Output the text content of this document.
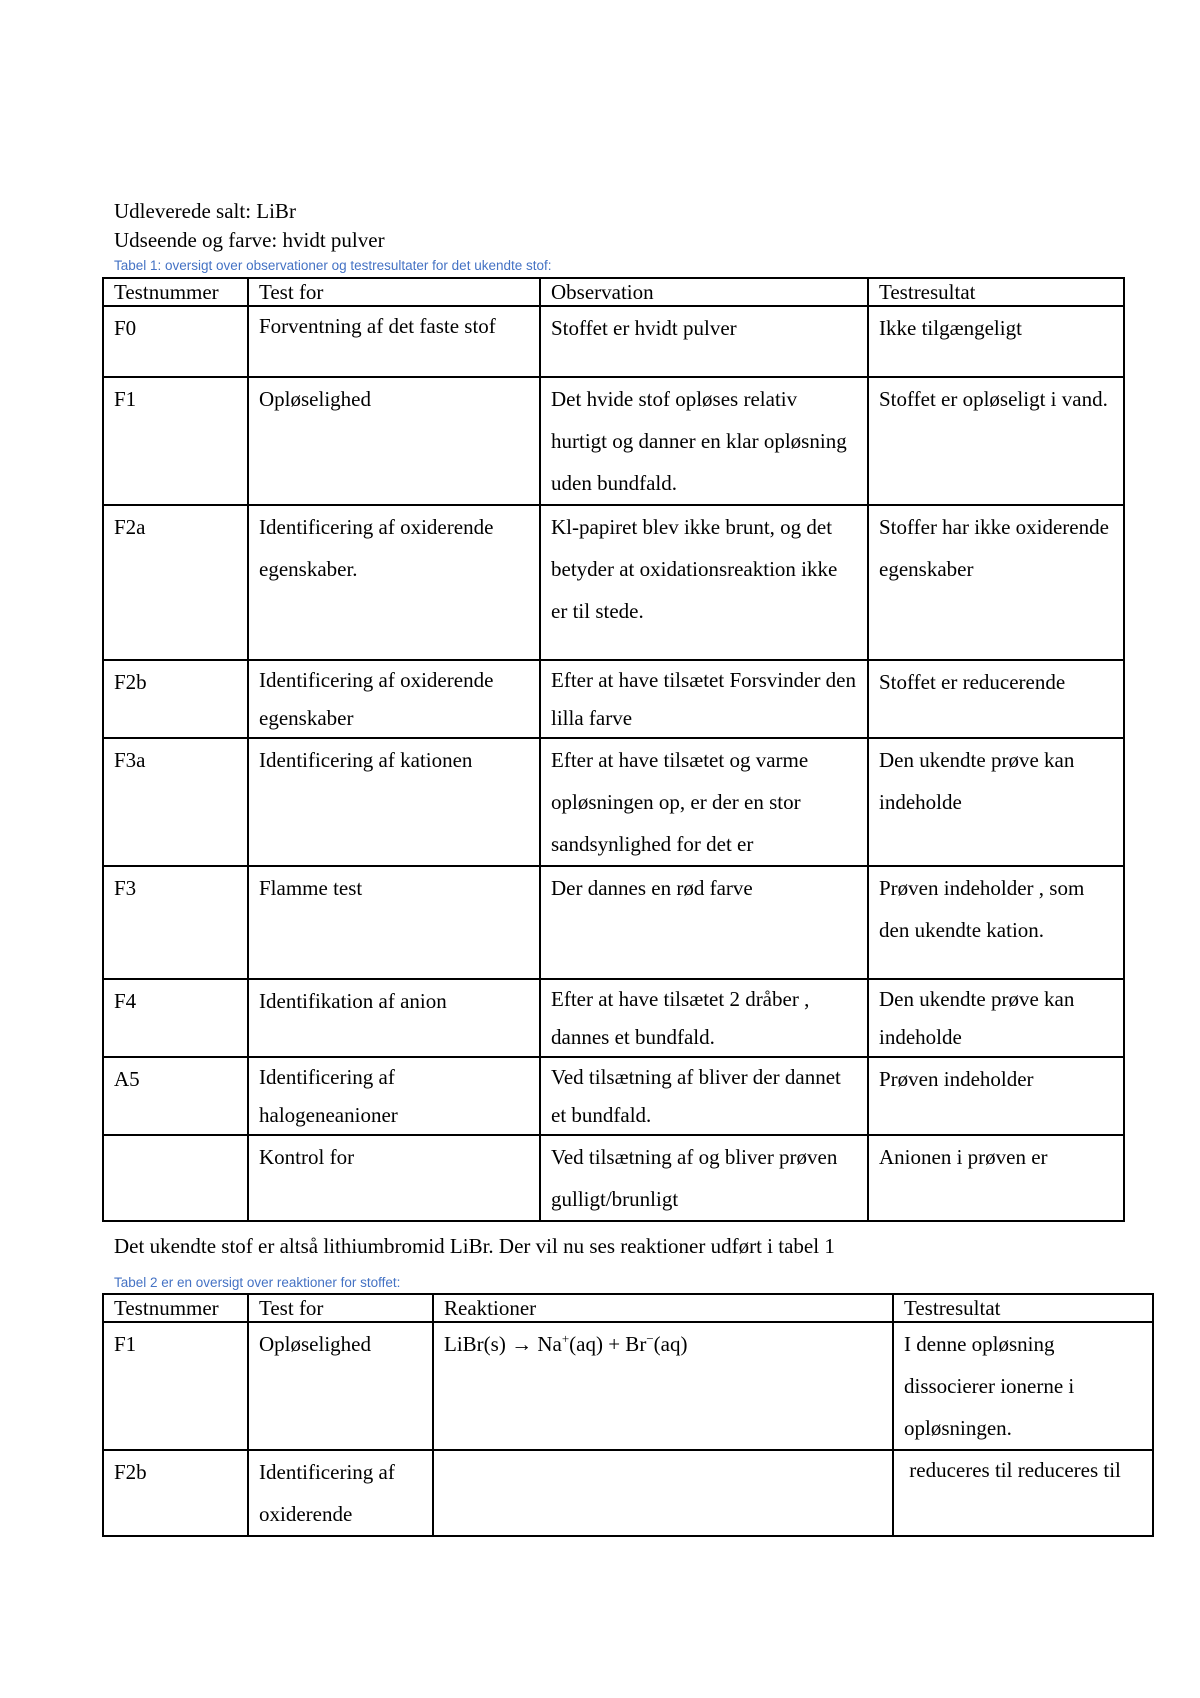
Udleverede salt: LiBr
Udseende og farve: hvidt pulver
Tabel 1: oversigt over observationer og testresultater for det ukendte stof:
Testnummer	Test for	Observation	Testresultat
F0	Forventning af det faste stof	Stoffet er hvidt pulver	Ikke tilgængeligt
F1	Opløselighed	Det hvide stof opløses relativ hurtigt og danner en klar opløsning uden bundfald.	Stoffet er opløseligt i vand.
F2a	Identificering af oxiderende egenskaber.	Kl-papiret blev ikke brunt, og det betyder at oxidationsreaktion ikke er til stede.	Stoffer har ikke oxiderende egenskaber
F2b	Identificering af oxiderende egenskaber	Efter at have tilsætet Forsvinder den lilla farve	Stoffet er reducerende
F3a	Identificering af kationen	Efter at have tilsætet og varme opløsningen op, er der en stor sandsynlighed for det er	Den ukendte prøve kan indeholde
F3	Flamme test	Der dannes en rød farve	Prøven indeholder , som den ukendte kation.
F4	Identifikation af anion	Efter at have tilsætet 2 dråber , dannes et bundfald.	Den ukendte prøve kan indeholde

A5	Identificering af halogeneanioner	Ved tilsætning af bliver der dannet et bundfald.	Prøven indeholder
	Kontrol for	Ved tilsætning af og bliver prøven gulligt/brunligt	Anionen i prøven er
Det ukendte stof er altså lithiumbromid LiBr. Der vil nu ses reaktioner udført i tabel 1
Tabel 2 er en oversigt over reaktioner for stoffet:
Testnummer	Test for	Reaktioner	Testresultat
F1	Opløselighed	LiBr(s) → Na+(aq) + Br−(aq)	I denne opløsning dissocierer ionerne i opløsningen.
F2b	Identificering af oxiderende		reduceres til reduceres til
